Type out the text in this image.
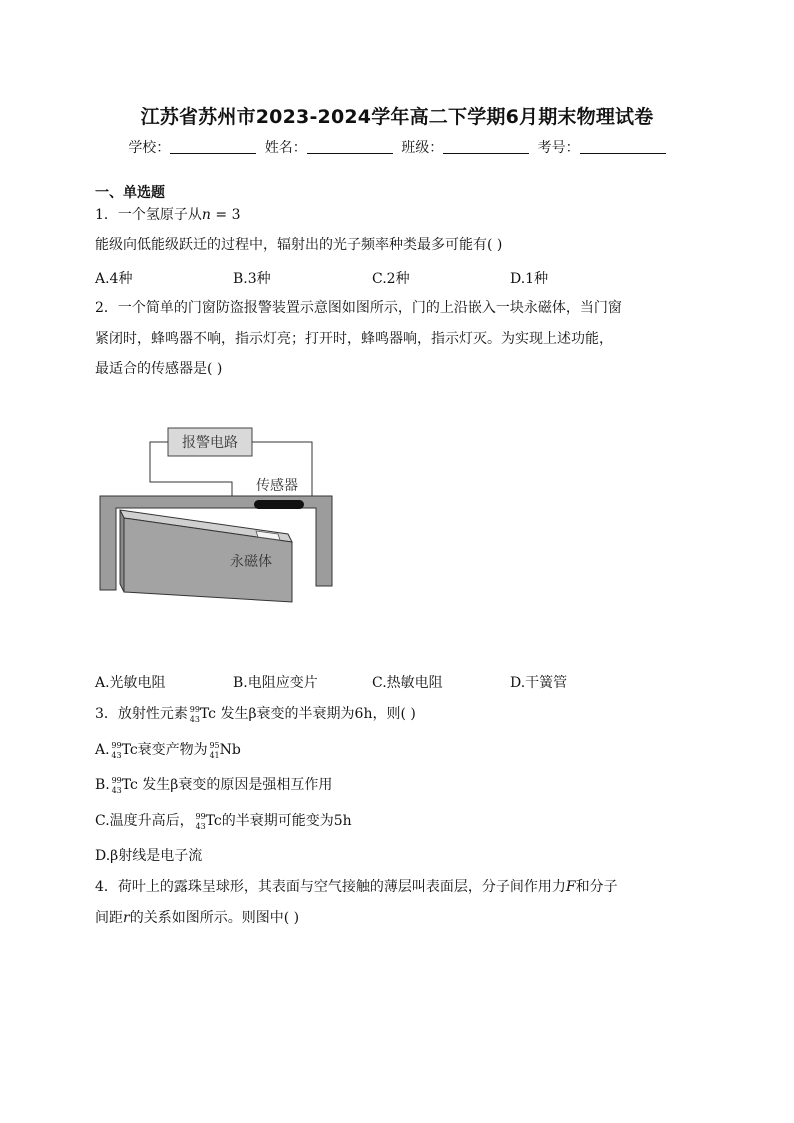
江苏省苏州市2023-2024学年高二下学期6月期末物理试卷
学校：	姓名：	班级：	考号：
一、单选题
1．一个氢原子从n = 3
能级向低能级跃迁的过程中，辐射出的光子频率种类最多可能有( )
A.4种	B.3种	C.2种	D.1种
2．一个简单的门窗防盗报警装置示意图如图所示，门的上沿嵌入一块永磁体，当门窗
紧闭时，蜂鸣器不响，指示灯亮；打开时，蜂鸣器响，指示灯灭。为实现上述功能，
最适合的传感器是( )
报警电路
传感器
永磁体
A.光敏电阻	B.电阻应变片	C.热敏电阻	D.干簧管
3．放射性元素 99
43 Tc 发生β衰变的半衰期为6h，则( )
A. 99
43 Tc衰变产物为 95
41 Nb
B. 99
43 Tc 发生β衰变的原因是强相互作用
C.温度升高后， 99
43 Tc的半衰期可能变为5h
D.β射线是电子流
4．荷叶上的露珠呈球形，其表面与空气接触的薄层叫表面层，分子间作用力F和分子
间距r的关系如图所示。则图中( )
